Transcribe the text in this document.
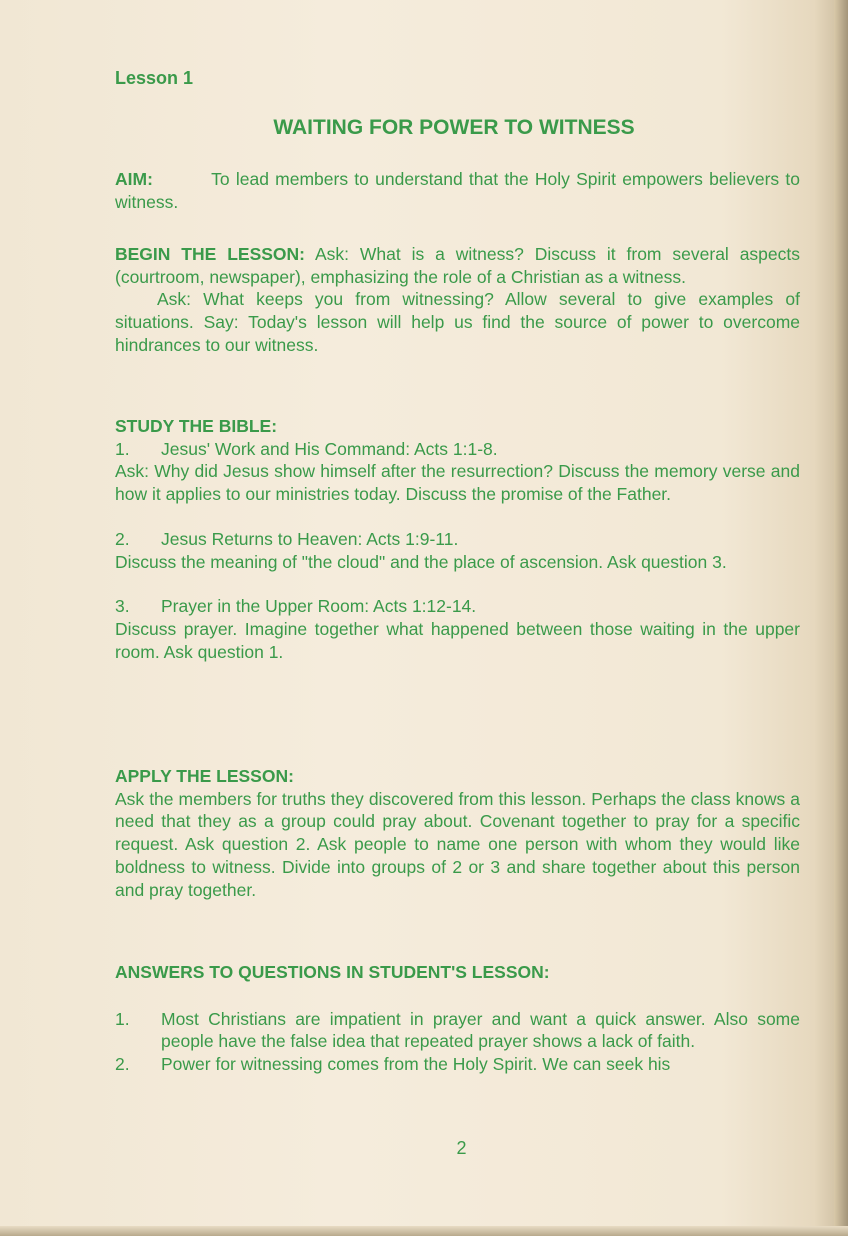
Lesson 1
WAITING FOR POWER TO WITNESS
AIM:	To lead members to understand that the Holy Spirit empowers believers to witness.
BEGIN THE LESSON: Ask: What is a witness? Discuss it from several aspects (courtroom, newspaper), emphasizing the role of a Christian as a witness.
Ask: What keeps you from witnessing? Allow several to give examples of situations. Say: Today's lesson will help us find the source of power to overcome hindrances to our witness.
STUDY THE BIBLE:
1.	Jesus' Work and His Command: Acts 1:1-8.
Ask: Why did Jesus show himself after the resurrection? Discuss the memory verse and how it applies to our ministries today. Discuss the promise of the Father.
2.	Jesus Returns to Heaven: Acts 1:9-11.
Discuss the meaning of "the cloud" and the place of ascension. Ask question 3.
3.	Prayer in the Upper Room: Acts 1:12-14.
Discuss prayer. Imagine together what happened between those waiting in the upper room. Ask question 1.
APPLY THE LESSON:
Ask the members for truths they discovered from this lesson. Perhaps the class knows a need that they as a group could pray about. Covenant together to pray for a specific request. Ask question 2. Ask people to name one person with whom they would like boldness to witness. Divide into groups of 2 or 3 and share together about this person and pray together.
ANSWERS TO QUESTIONS IN STUDENT'S LESSON:
1.	Most Christians are impatient in prayer and want a quick answer. Also some people have the false idea that repeated prayer shows a lack of faith.
2.	Power for witnessing comes from the Holy Spirit. We can seek his
2
